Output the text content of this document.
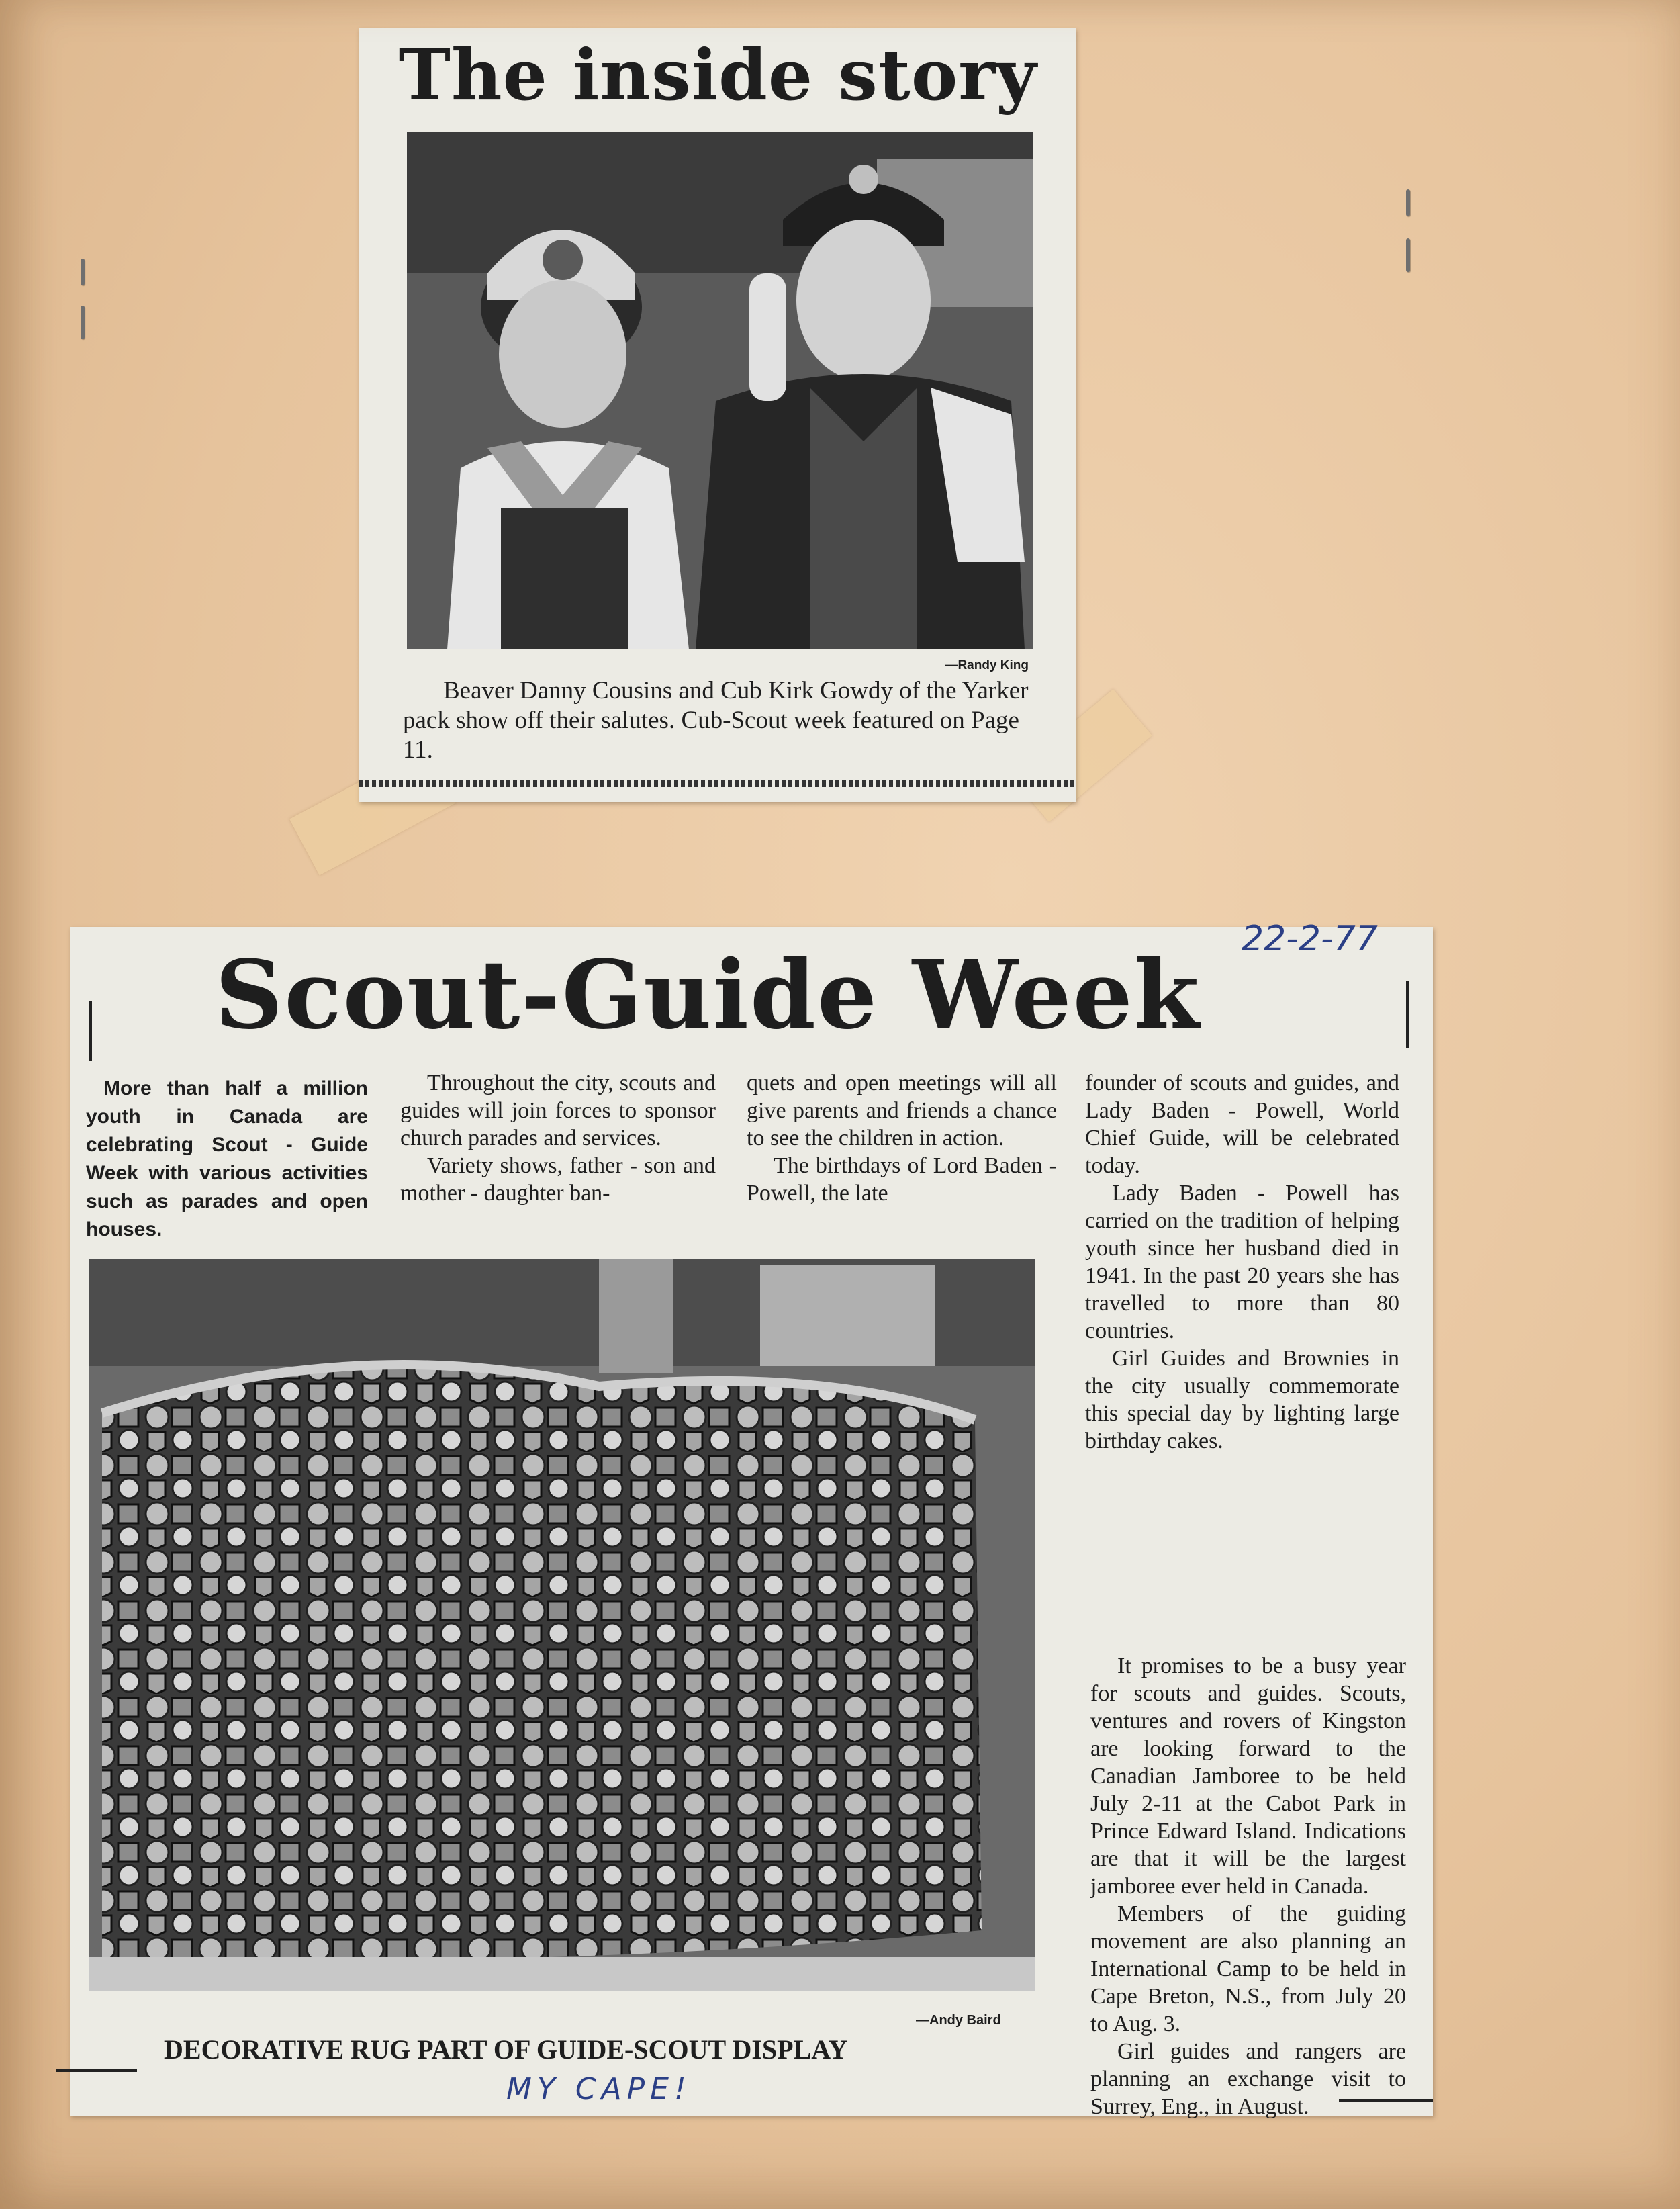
The inside story
—Randy King
Beaver Danny Cousins and Cub Kirk Gowdy of the Yarker pack show off their salutes. Cub-Scout week featured on Page 11.
Scout-Guide Week
22-2-77

More than half a million youth in Canada are celebrating Scout - Guide Week with various activities such as parades and open houses.

Throughout the city, scouts and guides will join forces to sponsor church parades and services.

Variety shows, father - son and mother - daughter ban-

quets and open meetings will all give parents and friends a chance to see the children in action.

The birthdays of Lord Baden - Powell, the late

founder of scouts and guides, and Lady Baden - Powell, World Chief Guide, will be celebrated today.

Lady Baden - Powell has carried on the tradition of helping youth since her husband died in 1941. In the past 20 years she has travelled to more than 80 countries.

Girl Guides and Brownies in the city usually commemorate this special day by lighting large birthday cakes.

It promises to be a busy year for scouts and guides. Scouts, ventures and rovers of Kingston are looking forward to the Canadian Jamboree to be held July 2-11 at the Cabot Park in Prince Edward Island. Indications are that it will be the largest jamboree ever held in Canada.

Members of the guiding movement are also planning an International Camp to be held in Cape Breton, N.S., from July 20 to Aug. 3.

Girl guides and rangers are planning an exchange visit to Surrey, Eng., in August.

—Andy Baird
DECORATIVE RUG PART OF GUIDE-SCOUT DISPLAY
MY CAPE!
